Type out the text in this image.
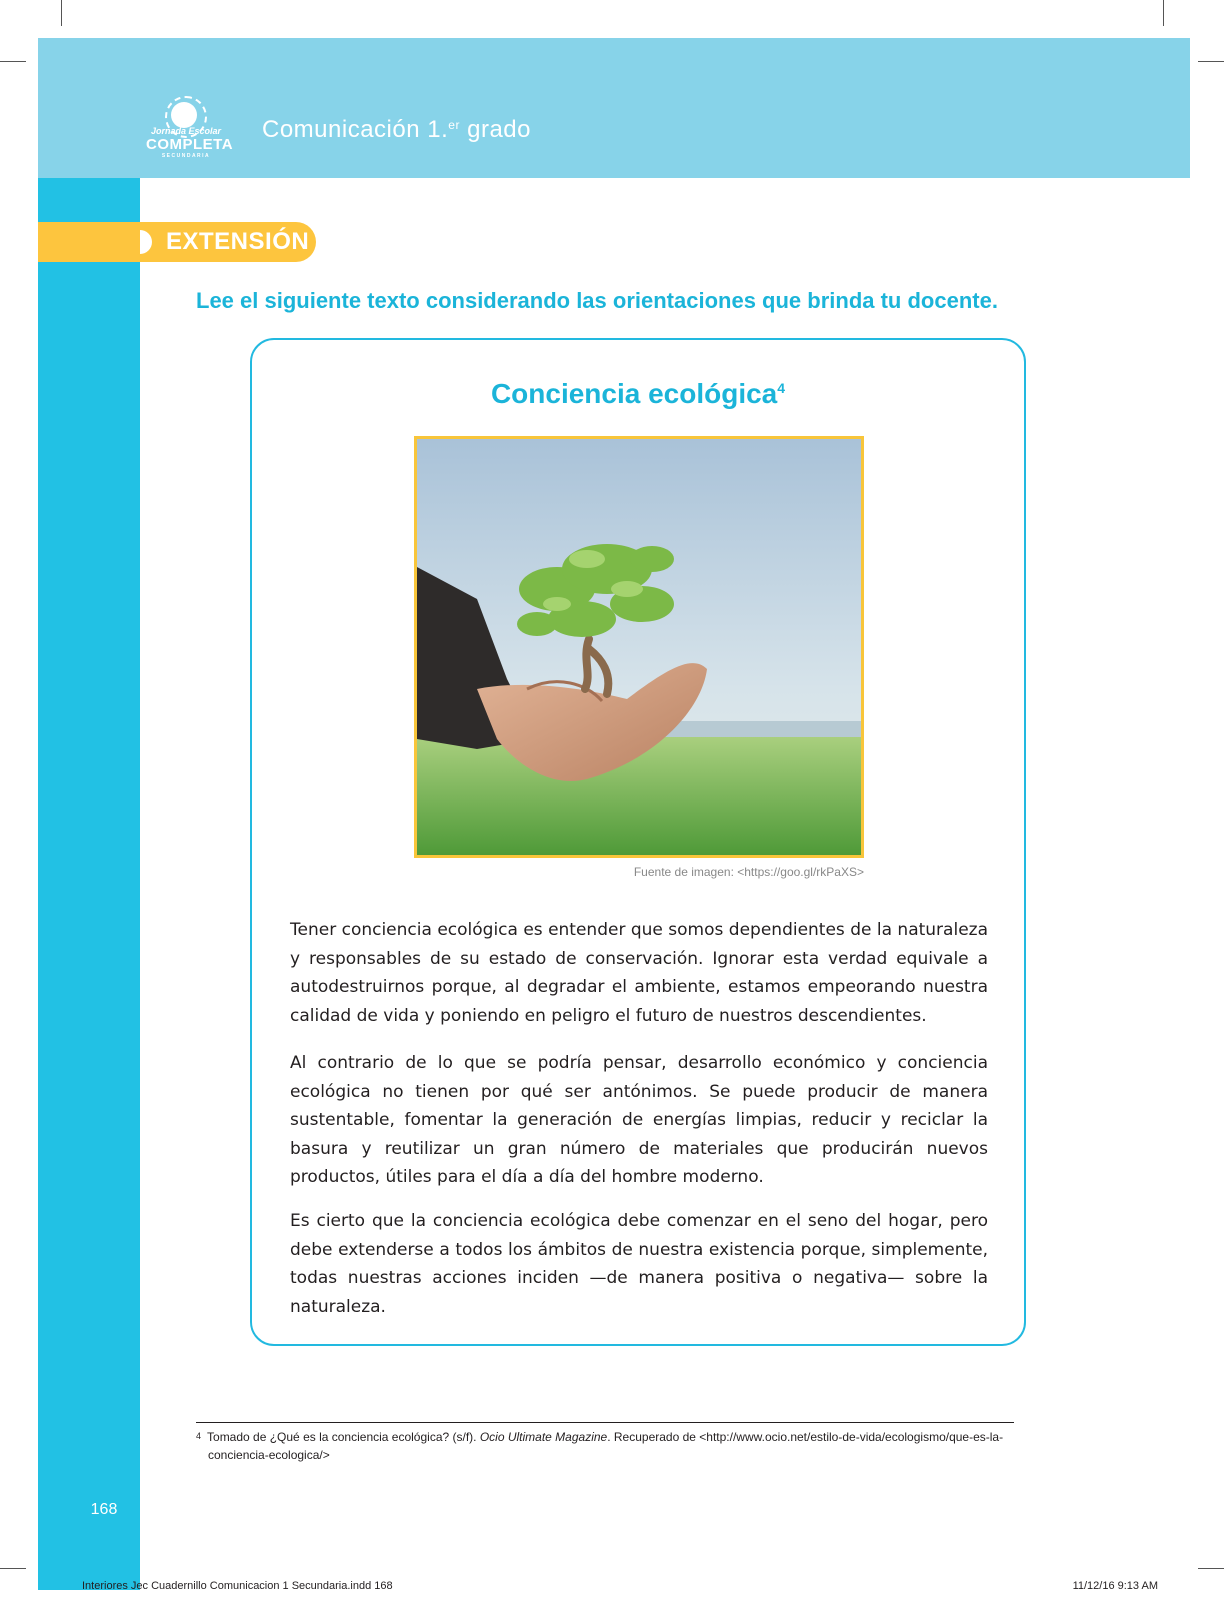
Jornada Escolar
COMPLETA
SECUNDARIA
Comunicación 1.$^{er}$ grado
EXTENSIÓN
Lee el siguiente texto considerando las orientaciones que brinda tu docente.
Conciencia ecológica$^4$
Fuente de imagen: <https://goo.gl/rkPaXS>

Tener conciencia ecológica es entender que somos dependientes de la naturaleza y responsables de su estado de conservación. Ignorar esta verdad equivale a autodestruirnos porque, al degradar el ambiente, estamos empeorando nuestra calidad de vida y poniendo en peligro el futuro de nuestros descendientes.

Al contrario de lo que se podría pensar, desarrollo económico y conciencia ecológica no tienen por qué ser antónimos. Se puede producir de manera sustentable, fomentar la generación de energías limpias, reducir y reciclar la basura y reutilizar un gran número de materiales que producirán nuevos productos, útiles para el día a día del hombre moderno.

Es cierto que la conciencia ecológica debe comenzar en el seno del hogar, pero debe extenderse a todos los ámbitos de nuestra existencia porque, simplemente, todas nuestras acciones inciden —de manera positiva o negativa— sobre la naturaleza.

$^4$ Tomado de ¿Qué es la conciencia ecológica? (s/f). Ocio Ultimate Magazine. Recuperado de <http://www.ocio.net/estilo-de-vida/ecologismo/que-es-la-
conciencia-ecologica/>
168
Interiores Jec Cuadernillo Comunicacion 1 Secundaria.indd 168	11/12/16 9:13 AM
